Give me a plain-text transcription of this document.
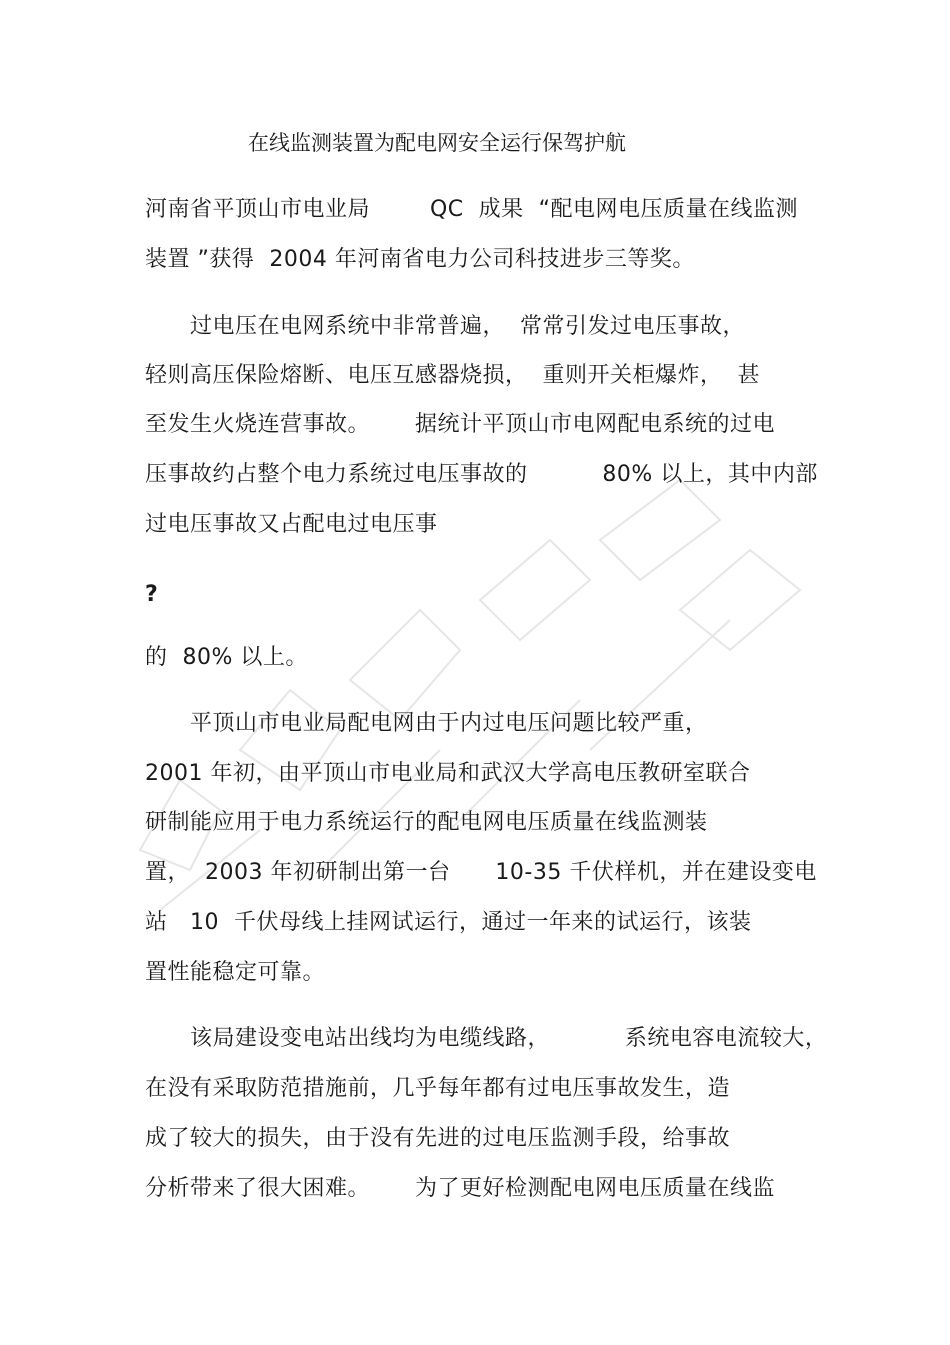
在线监测装置为配电网安全运行保驾护航
河南省平顶山市电业局        QC  成果  “配电网电压质量在线监测
装置 ”获得  2004 年河南省电力公司科技进步三等奖。
过电压在电网系统中非常普遍，  常常引发过电压事故，
轻则高压保险熔断、电压互感器烧损，  重则开关柜爆炸，  甚
至发生火烧连营事故。      据统计平顶山市电网配电系统的过电
压事故约占整个电力系统过电压事故的          80% 以上，其中内部
过电压事故又占配电过电压事
?
的  80% 以上。
平顶山市电业局配电网由于内过电压问题比较严重，
2001 年初，由平顶山市电业局和武汉大学高电压教研室联合
研制能应用于电力系统运行的配电网电压质量在线监测装
置，  2003 年初研制出第一台      10-35 千伏样机，并在建设变电
站   10  千伏母线上挂网试运行，通过一年来的试运行，该装
置性能稳定可靠。
该局建设变电站出线均为电缆线路，          系统电容电流较大，
在没有采取防范措施前，几乎每年都有过电压事故发生，造
成了较大的损失，由于没有先进的过电压监测手段，给事故
分析带来了很大困难。      为了更好检测配电网电压质量在线监
